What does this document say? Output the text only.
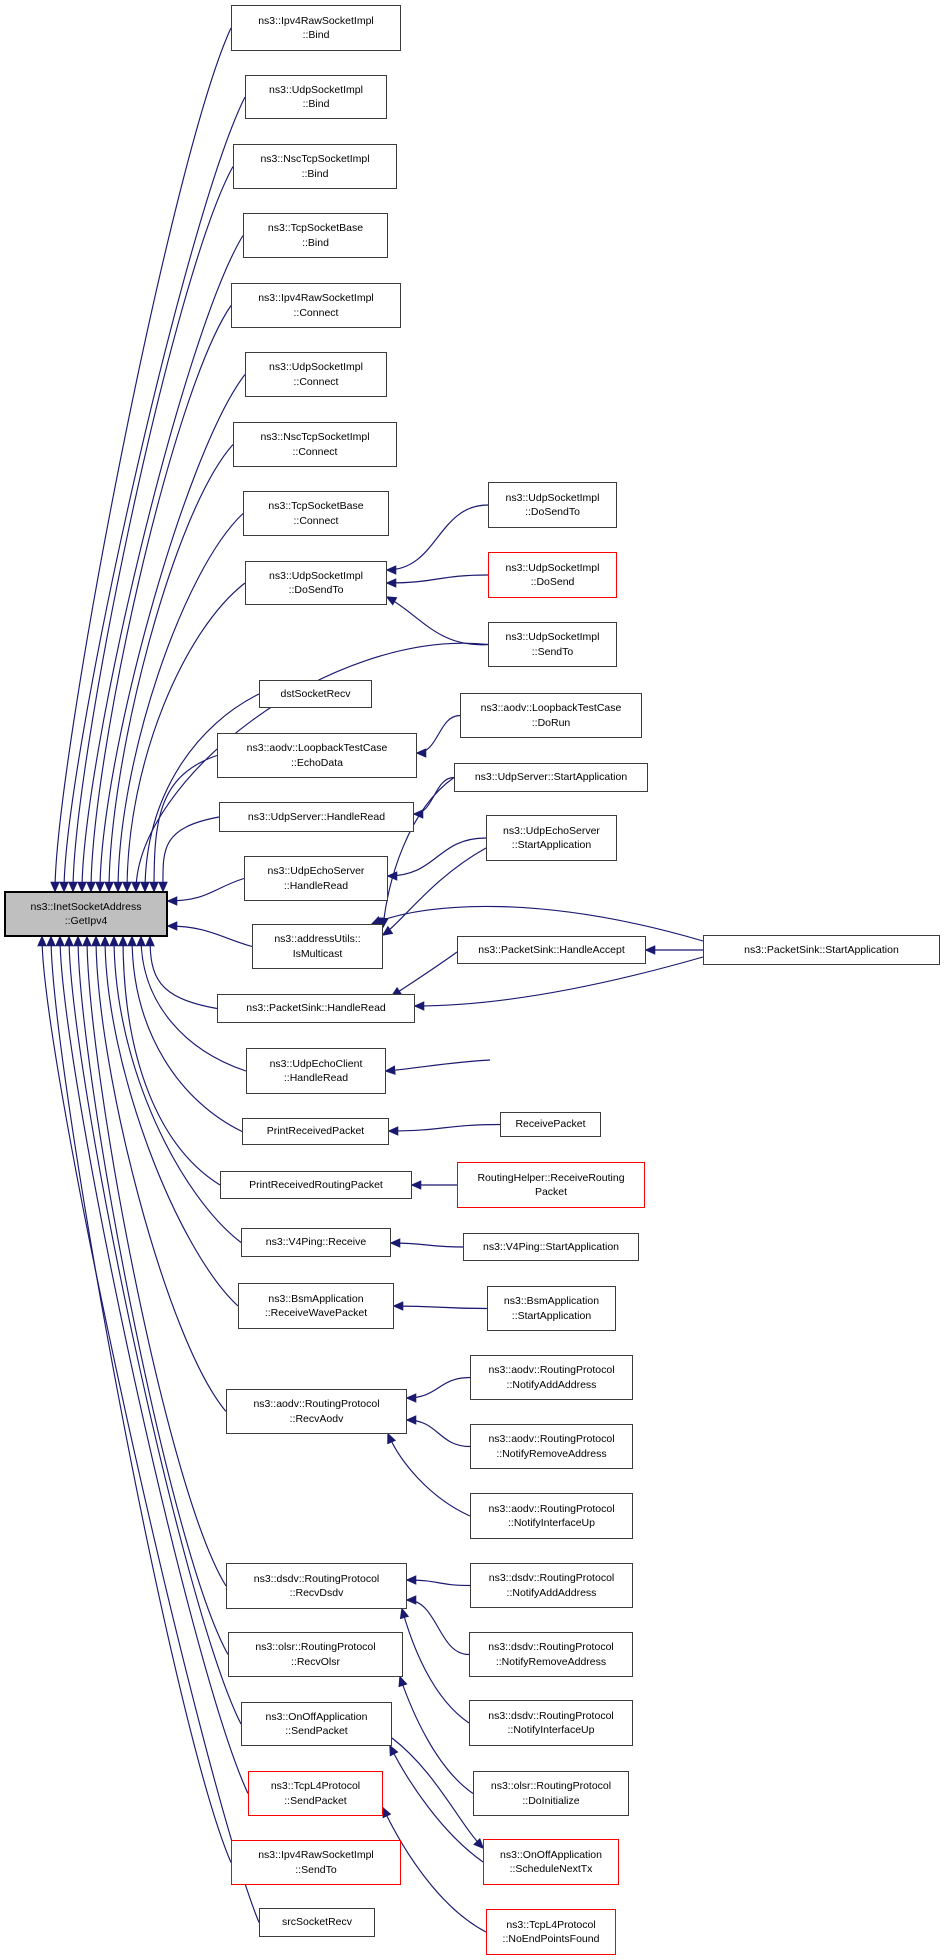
ns3::InetSocketAddress
::GetIpv4
ns3::Ipv4RawSocketImpl
::Bind
ns3::UdpSocketImpl
::Bind
ns3::NscTcpSocketImpl
::Bind
ns3::TcpSocketBase
::Bind
ns3::Ipv4RawSocketImpl
::Connect
ns3::UdpSocketImpl
::Connect
ns3::NscTcpSocketImpl
::Connect
ns3::TcpSocketBase
::Connect
ns3::UdpSocketImpl
::DoSendTo
dstSocketRecv
ns3::aodv::LoopbackTestCase
::EchoData
ns3::UdpServer::HandleRead
ns3::UdpEchoServer
::HandleRead
ns3::addressUtils::
IsMulticast
ns3::PacketSink::HandleRead
ns3::UdpEchoClient
::HandleRead
PrintReceivedPacket
PrintReceivedRoutingPacket
ns3::V4Ping::Receive
ns3::BsmApplication
::ReceiveWavePacket
ns3::aodv::RoutingProtocol
::RecvAodv
ns3::dsdv::RoutingProtocol
::RecvDsdv
ns3::olsr::RoutingProtocol
::RecvOlsr
ns3::OnOffApplication
::SendPacket
ns3::TcpL4Protocol
::SendPacket
ns3::Ipv4RawSocketImpl
::SendTo
srcSocketRecv
ns3::UdpSocketImpl
::DoSendTo
ns3::UdpSocketImpl
::DoSend
ns3::UdpSocketImpl
::SendTo
ns3::aodv::LoopbackTestCase
::DoRun
ns3::UdpServer::StartApplication
ns3::UdpEchoServer
::StartApplication
ns3::PacketSink::HandleAccept	ns3::PacketSink::StartApplication
ReceivePacket
RoutingHelper::ReceiveRouting
Packet
ns3::V4Ping::StartApplication
ns3::BsmApplication
::StartApplication
ns3::aodv::RoutingProtocol
::NotifyAddAddress
ns3::aodv::RoutingProtocol
::NotifyRemoveAddress
ns3::aodv::RoutingProtocol
::NotifyInterfaceUp
ns3::dsdv::RoutingProtocol
::NotifyAddAddress
ns3::dsdv::RoutingProtocol
::NotifyRemoveAddress
ns3::dsdv::RoutingProtocol
::NotifyInterfaceUp
ns3::olsr::RoutingProtocol
::DoInitialize
ns3::OnOffApplication
::ScheduleNextTx
ns3::TcpL4Protocol
::NoEndPointsFound
